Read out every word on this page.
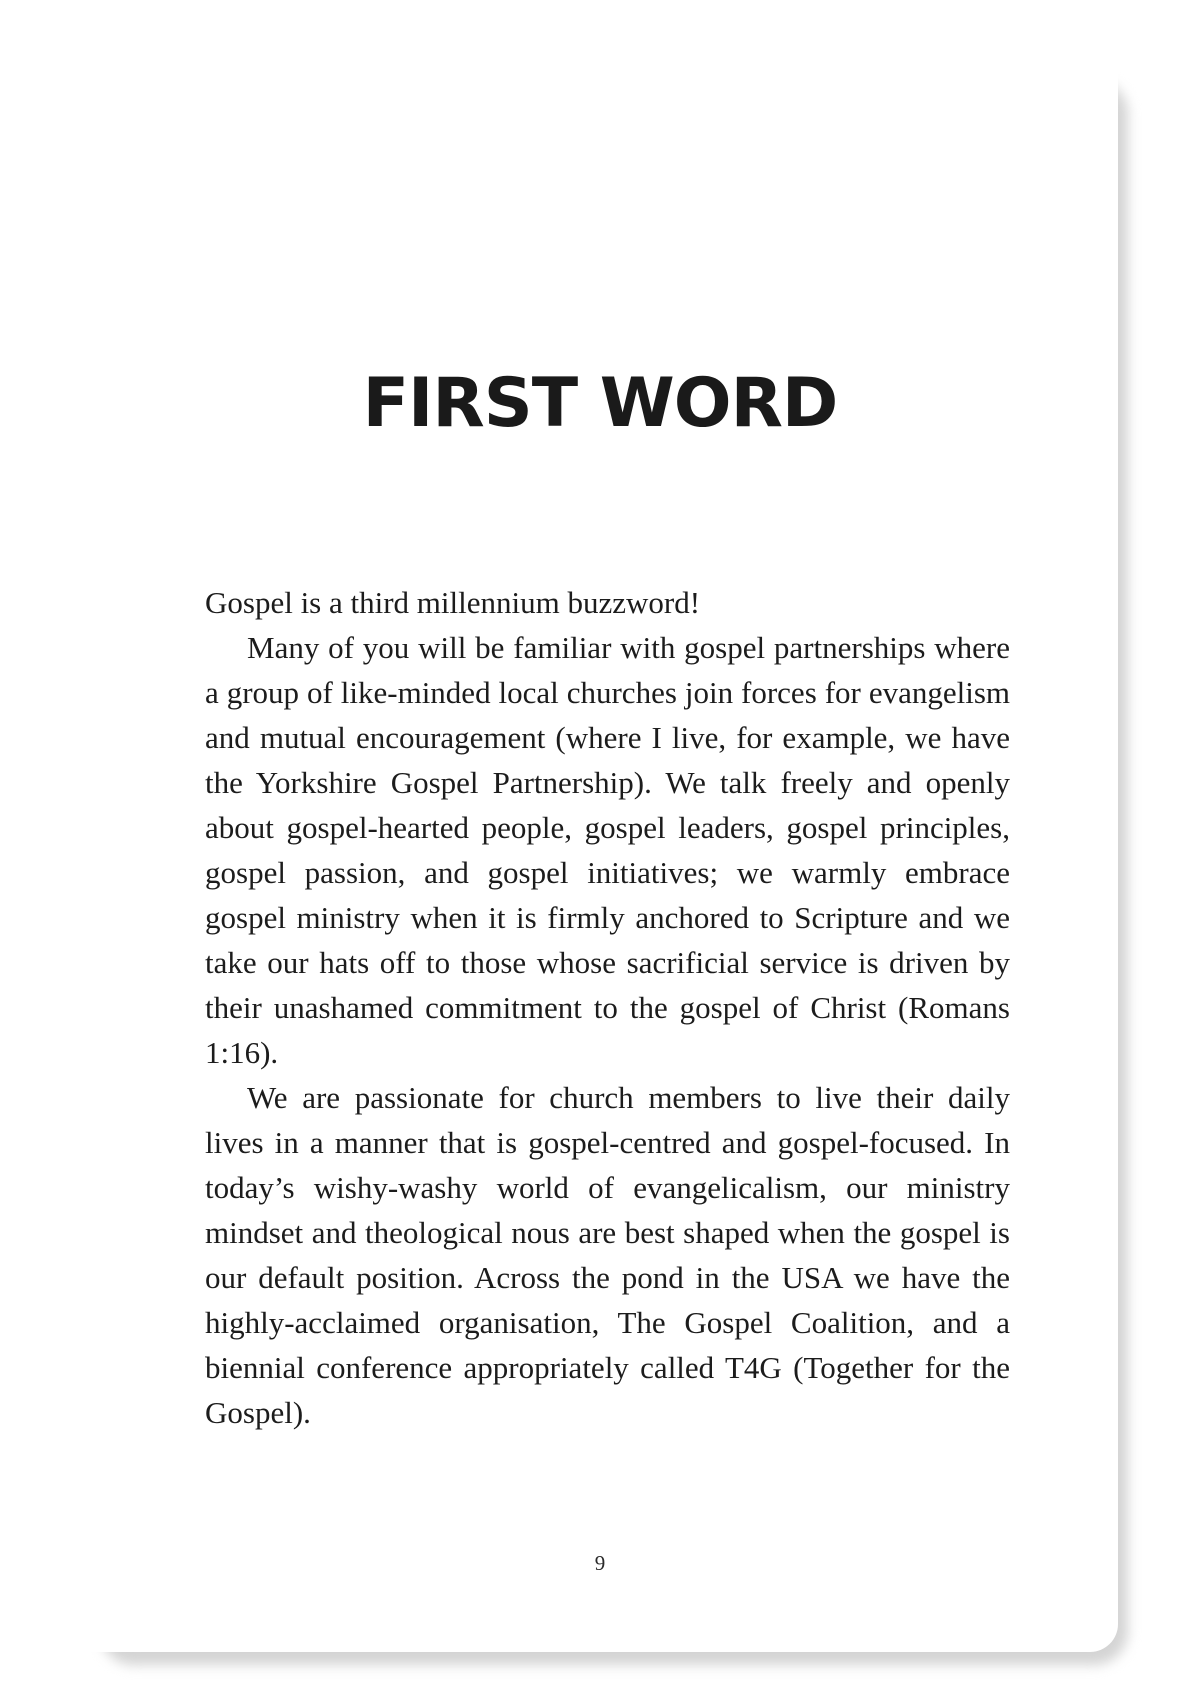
FIRST WORD

Gospel is a third millennium buzzword!

Many of you will be familiar with gospel partnerships where a group of like-minded local churches join forces for evangelism and mutual encouragement (where I live, for example, we have the Yorkshire Gospel Partnership). We talk freely and openly about gospel-hearted people, gospel leaders, gospel principles, gospel passion, and gospel initiatives; we warmly embrace gospel ministry when it is firmly anchored to Scripture and we take our hats off to those whose sacrificial service is driven by their unashamed commitment to the gospel of Christ (Romans 1:16).

We are passionate for church members to live their daily lives in a manner that is gospel-centred and gospel-focused. In today’s wishy-washy world of evangelicalism, our ministry mindset and theological nous are best shaped when the gospel is our default position. Across the pond in the USA we have the highly-acclaimed organisation, The Gospel Coalition, and a biennial conference appropriately called T4G (Together for the Gospel).

9
